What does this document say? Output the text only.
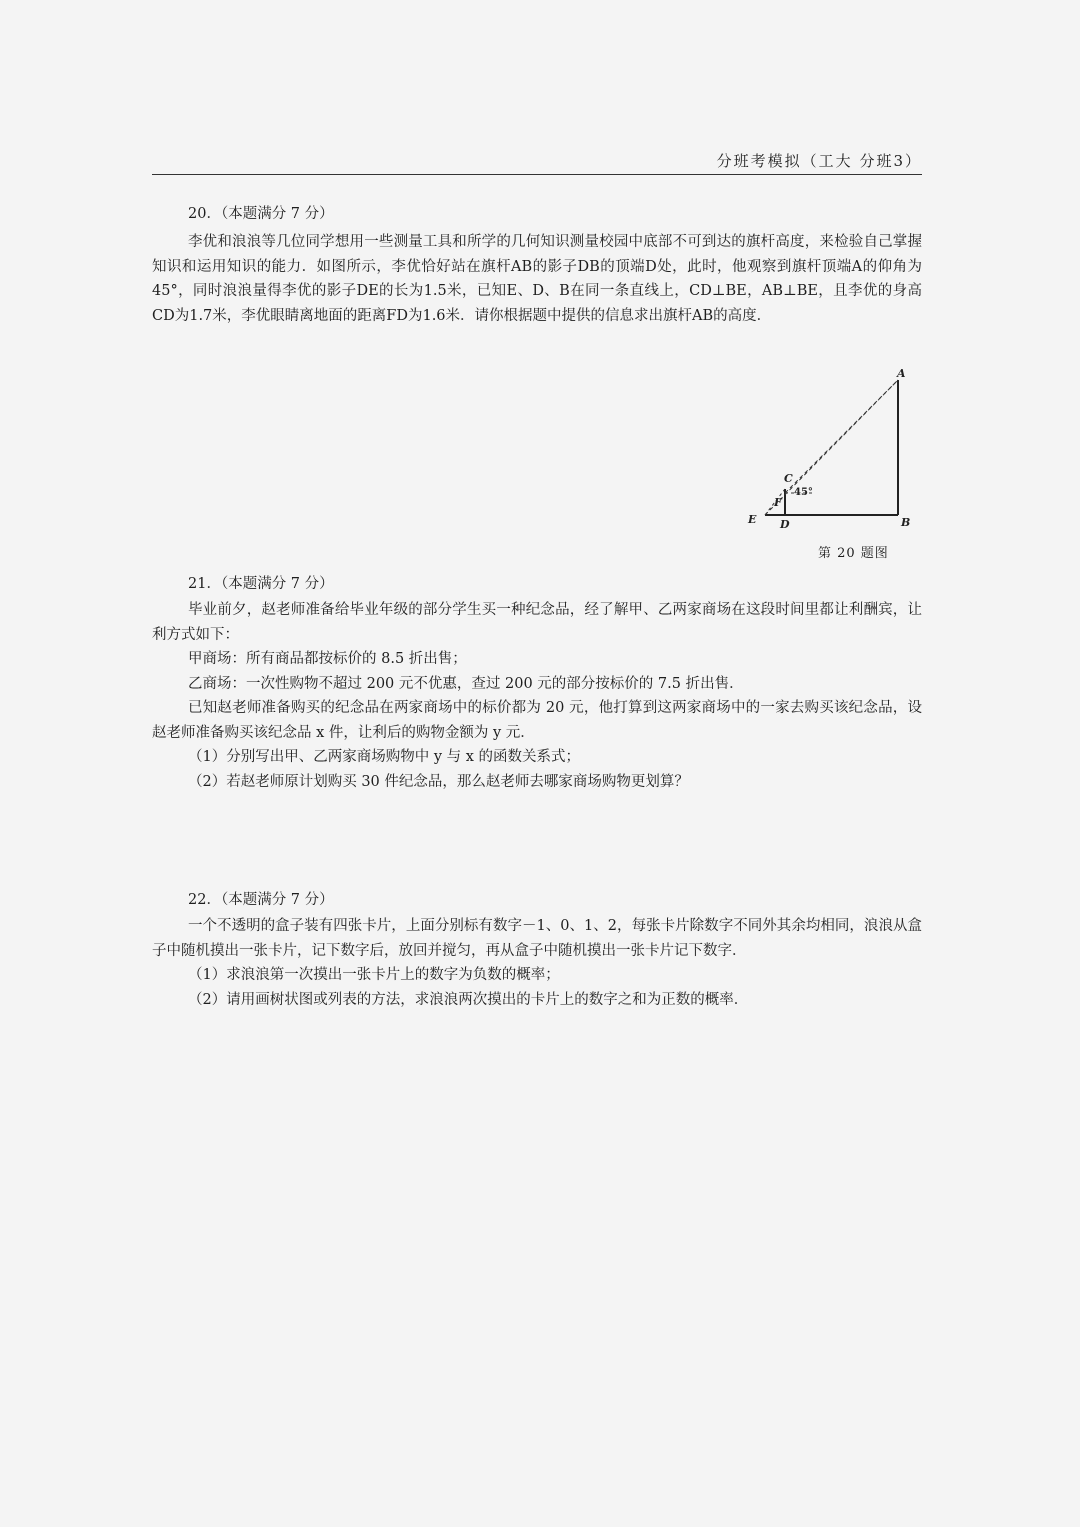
分班考模拟（工大 分班3）
20．（本题满分 7 分）

李优和浪浪等几位同学想用一些测量工具和所学的几何知识测量校园中底部不可到达的旗杆高度，来检验自己掌握知识和运用知识的能力．如图所示，李优恰好站在旗杆AB的影子DB的顶端D处，此时，他观察到旗杆顶端A的仰角为45°，同时浪浪量得李优的影子DE的长为1.5米，已知E、D、B在同一条直线上，CD⊥BE，AB⊥BE，且李优的身高CD为1.7米，李优眼睛离地面的距离FD为1.6米．请你根据题中提供的信息求出旗杆AB的高度．

A
B
C
D
E
F
45°
第 20 题图
21．（本题满分 7 分）

毕业前夕，赵老师准备给毕业年级的部分学生买一种纪念品，经了解甲、乙两家商场在这段时间里都让利酬宾，让利方式如下：

甲商场：所有商品都按标价的 8.5 折出售；
乙商场：一次性购物不超过 200 元不优惠，查过 200 元的部分按标价的 7.5 折出售．

已知赵老师准备购买的纪念品在两家商场中的标价都为 20 元，他打算到这两家商场中的一家去购买该纪念品，设赵老师准备购买该纪念品 x 件，让利后的购物金额为 y 元．

（1）分别写出甲、乙两家商场购物中 y 与 x 的函数关系式；
（2）若赵老师原计划购买 30 件纪念品，那么赵老师去哪家商场购物更划算？
22．（本题满分 7 分）

一个不透明的盒子装有四张卡片，上面分别标有数字－1、0、1、2，每张卡片除数字不同外其余均相同，浪浪从盒子中随机摸出一张卡片，记下数字后，放回并搅匀，再从盒子中随机摸出一张卡片记下数字．

（1）求浪浪第一次摸出一张卡片上的数字为负数的概率；
（2）请用画树状图或列表的方法，求浪浪两次摸出的卡片上的数字之和为正数的概率．
